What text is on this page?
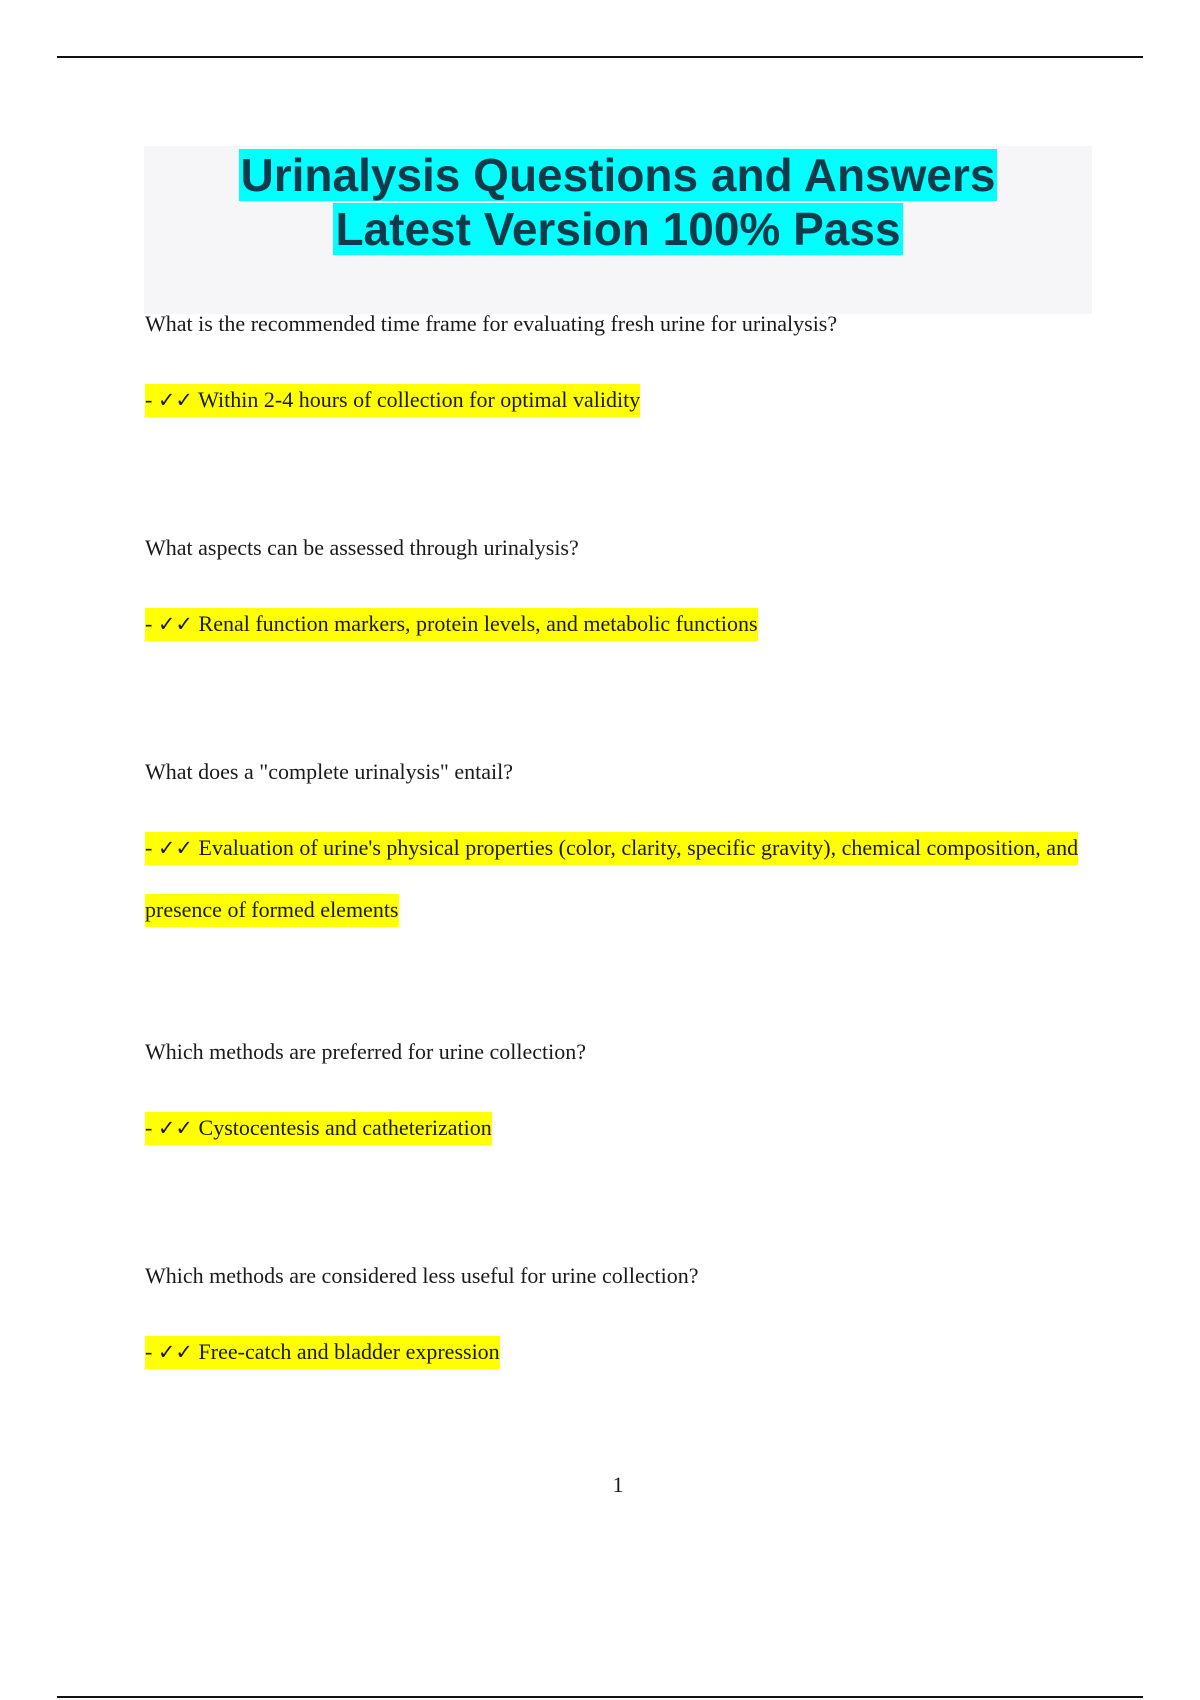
Urinalysis Questions and Answers
Latest Version 100% Pass
What is the recommended time frame for evaluating fresh urine for urinalysis?
- ✓✓ Within 2-4 hours of collection for optimal validity
What aspects can be assessed through urinalysis?
- ✓✓ Renal function markers, protein levels, and metabolic functions
What does a "complete urinalysis" entail?
- ✓✓ Evaluation of urine's physical properties (color, clarity, specific gravity), chemical composition, and presence of formed elements
Which methods are preferred for urine collection?
- ✓✓ Cystocentesis and catheterization
Which methods are considered less useful for urine collection?
- ✓✓ Free-catch and bladder expression
1
